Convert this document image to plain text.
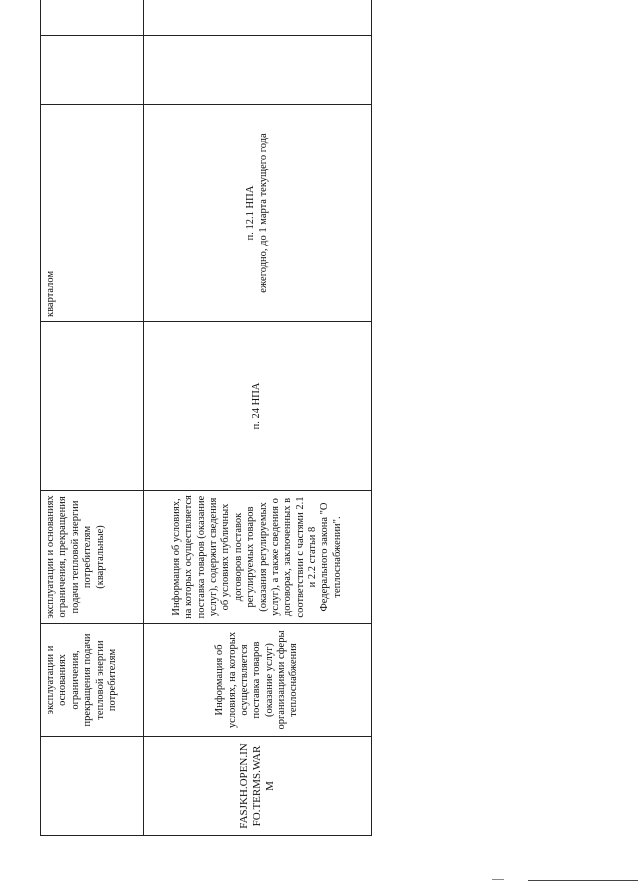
	эксплуатации и основаниях ограничения, прекращения подачи тепловой энергии потребителям	эксплуатации и основаниях ограничения, прекращения подачи тепловой энергии потребителям (квартальные)		кварталом			
FASJKH.OPEN.INFO.TERMS.WARM	Информация об условиях, на которых осуществляется поставка товаров (оказание услуг) организациями сферы теплоснабжения	Информация об условиях, на которых осуществляется поставка товаров (оказание услуг), содержит сведения об условиях публичных договоров поставок регулируемых товаров (оказания регулируемых услуг), а также сведения о договорах, заключенных в соответствии с частями 2.1 и 2.2 статьи 8 Федерального закона "О теплоснабжении".	п. 24 НПА	п. 12.1 НПА ежегодно, до 1 марта текущего года			
